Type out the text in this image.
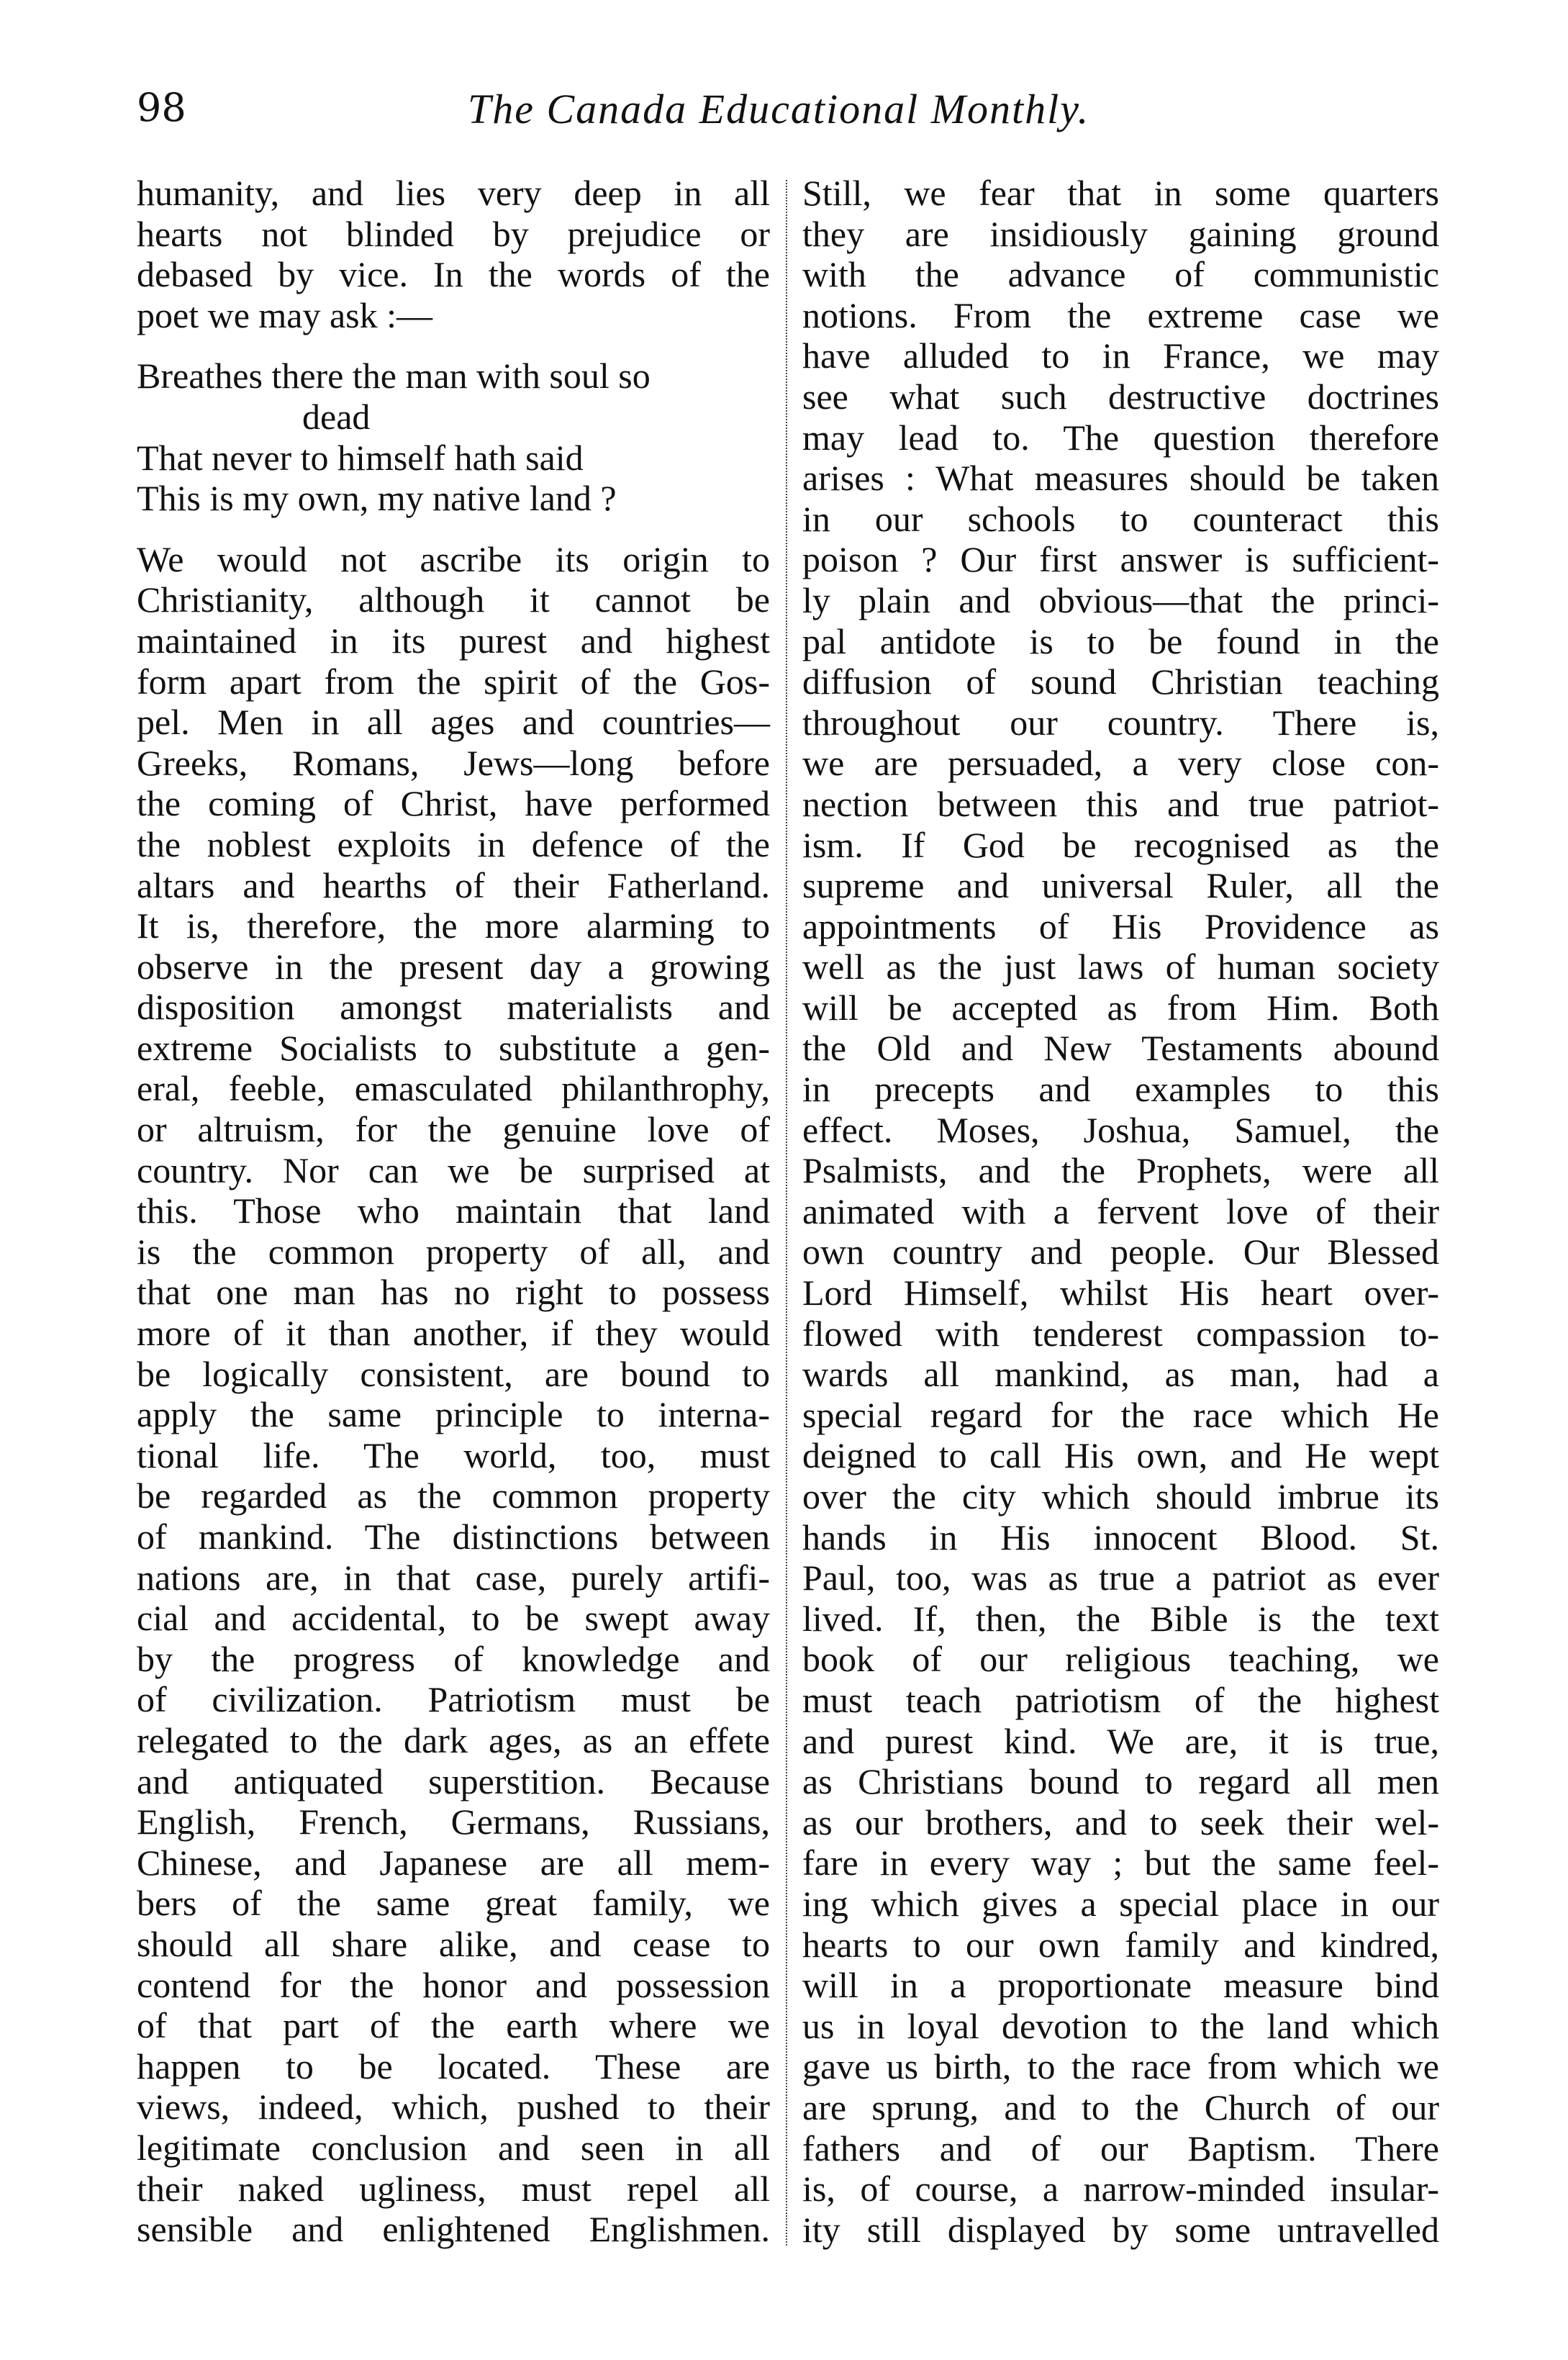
98	The Canada Educational Monthly.
humanity, and lies very deep in all
hearts not blinded by prejudice or
debased by vice. In the words of the
poet we may ask :—
Breathes there the man with soul so
dead
That never to himself hath said
This is my own, my native land ?
We would not ascribe its origin to
Christianity, although it cannot be
maintained in its purest and highest
form apart from the spirit of the Gos-
pel. Men in all ages and countries—
Greeks, Romans, Jews—long before
the coming of Christ, have performed
the noblest exploits in defence of the
altars and hearths of their Fatherland.
It is, therefore, the more alarming to
observe in the present day a growing
disposition amongst materialists and
extreme Socialists to substitute a gen-
eral, feeble, emasculated philanthrophy,
or altruism, for the genuine love of
country. Nor can we be surprised at
this. Those who maintain that land
is the common property of all, and
that one man has no right to possess
more of it than another, if they would
be logically consistent, are bound to
apply the same principle to interna-
tional life. The world, too, must
be regarded as the common property
of mankind. The distinctions between
nations are, in that case, purely artifi-
cial and accidental, to be swept away
by the progress of knowledge and
of civilization. Patriotism must be
relegated to the dark ages, as an effete
and antiquated superstition. Because
English, French, Germans, Russians,
Chinese, and Japanese are all mem-
bers of the same great family, we
should all share alike, and cease to
contend for the honor and possession
of that part of the earth where we
happen to be located. These are
views, indeed, which, pushed to their
legitimate conclusion and seen in all
their naked ugliness, must repel all
sensible and enlightened Englishmen.
Still, we fear that in some quarters
they are insidiously gaining ground
with the advance of communistic
notions. From the extreme case we
have alluded to in France, we may
see what such destructive doctrines
may lead to. The question therefore
arises : What measures should be taken
in our schools to counteract this
poison ? Our first answer is sufficient-
ly plain and obvious—that the princi-
pal antidote is to be found in the
diffusion of sound Christian teaching
throughout our country. There is,
we are persuaded, a very close con-
nection between this and true patriot-
ism. If God be recognised as the
supreme and universal Ruler, all the
appointments of His Providence as
well as the just laws of human society
will be accepted as from Him. Both
the Old and New Testaments abound
in precepts and examples to this
effect. Moses, Joshua, Samuel, the
Psalmists, and the Prophets, were all
animated with a fervent love of their
own country and people. Our Blessed
Lord Himself, whilst His heart over-
flowed with tenderest compassion to-
wards all mankind, as man, had a
special regard for the race which He
deigned to call His own, and He wept
over the city which should imbrue its
hands in His innocent Blood. St.
Paul, too, was as true a patriot as ever
lived. If, then, the Bible is the text
book of our religious teaching, we
must teach patriotism of the highest
and purest kind. We are, it is true,
as Christians bound to regard all men
as our brothers, and to seek their wel-
fare in every way ; but the same feel-
ing which gives a special place in our
hearts to our own family and kindred,
will in a proportionate measure bind
us in loyal devotion to the land which
gave us birth, to the race from which we
are sprung, and to the Church of our
fathers and of our Baptism. There
is, of course, a narrow-minded insular-
ity still displayed by some untravelled
